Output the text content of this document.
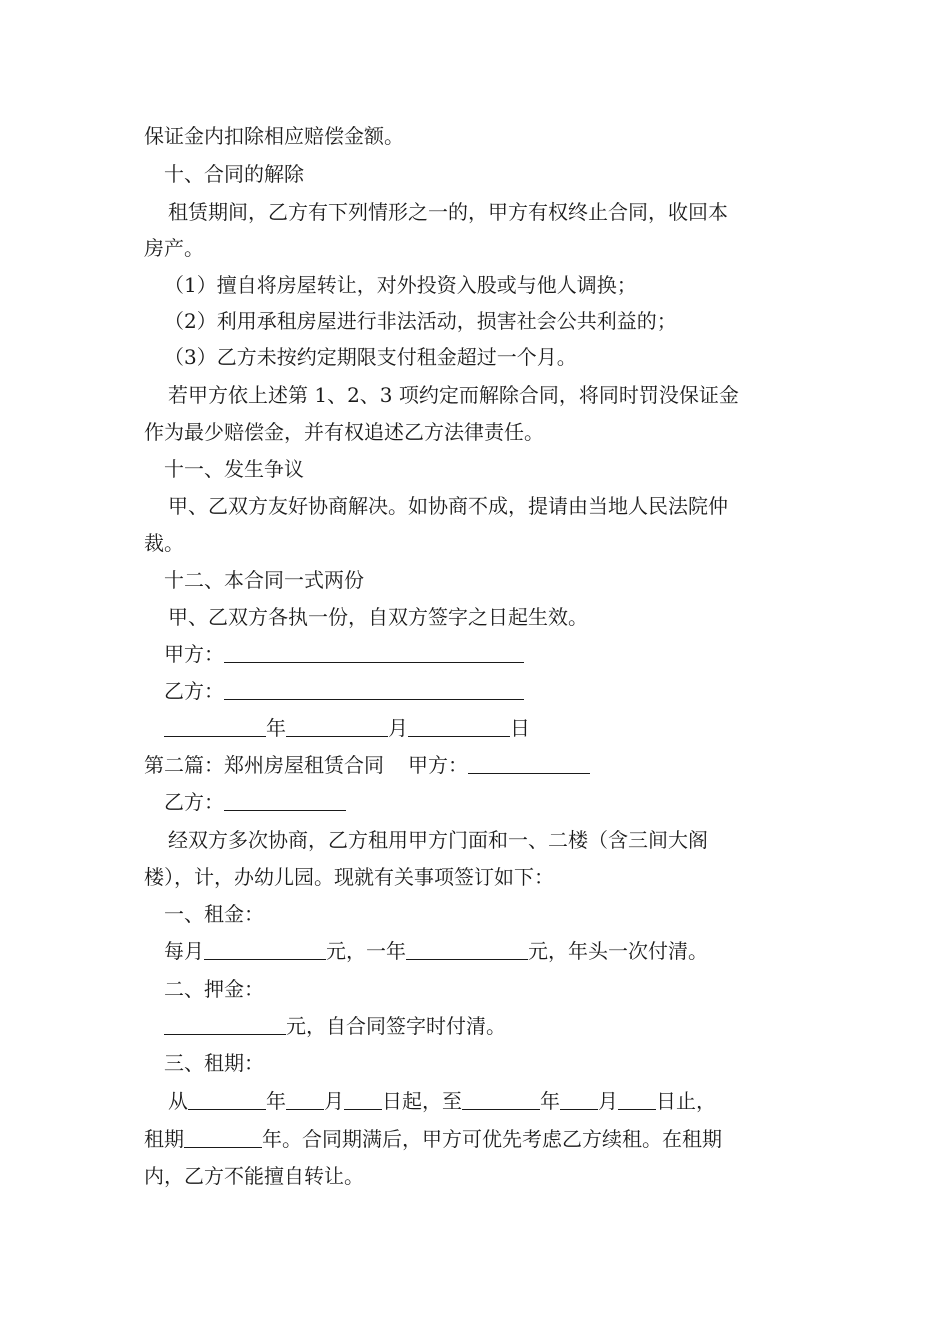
保证金内扣除相应赔偿金额。
十、合同的解除
租赁期间，乙方有下列情形之一的，甲方有权终止合同，收回本
房产。
（1）擅自将房屋转让，对外投资入股或与他人调换；
（2）利用承租房屋进行非法活动，损害社会公共利益的；
（3）乙方未按约定期限支付租金超过一个月。
若甲方依上述第 1、2、3 项约定而解除合同，将同时罚没保证金
作为最少赔偿金，并有权追述乙方法律责任。
十一、发生争议
甲、乙双方友好协商解决。如协商不成，提请由当地人民法院仲
裁。
十二、本合同一式两份
甲、乙双方各执一份，自双方签字之日起生效。
甲方：
乙方：
年	月	日
第二篇：郑州房屋租赁合同 甲方：
乙方：
经双方多次协商，乙方租用甲方门面和一、二楼（含三间大阁
楼），计，办幼儿园。现就有关事项签订如下：
一、租金：
每月	元，一年	元，年头一次付清。
二、押金：
元，自合同签字时付清。
三、租期：
从	年 月 日起，至	年 月 日止，
租期	年。合同期满后，甲方可优先考虑乙方续租。在租期
内，乙方不能擅自转让。
